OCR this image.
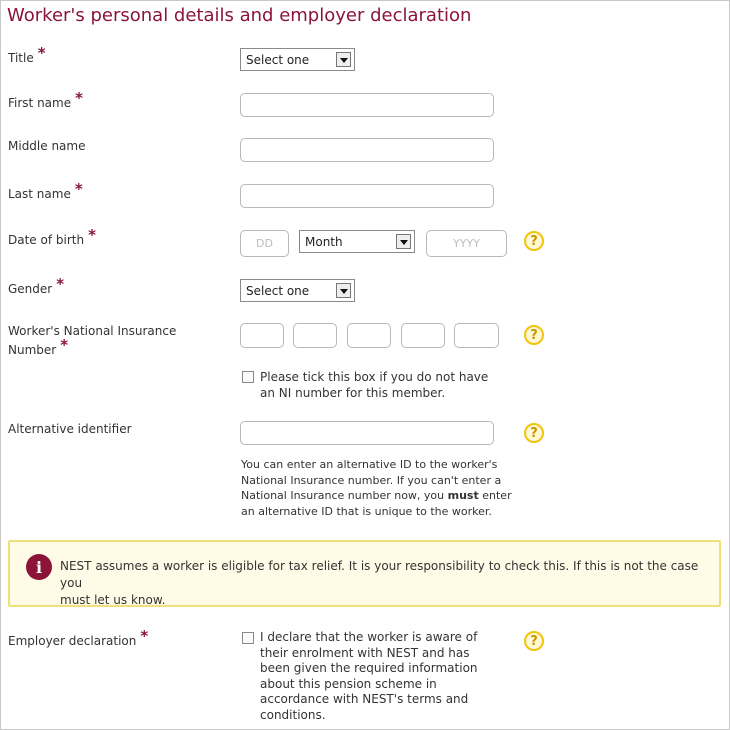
Worker's personal details and employer declaration
Title *	Select one
First name *
Middle name
Last name *
Date of birth *	DD	Month	YYYY	?
Gender *	Select one
Worker's National Insurance
Number *
?
Please tick this box if you do not have
an NI number for this member.
Alternative identifier	?
You can enter an alternative ID to the worker's
National Insurance number. If you can't enter a
National Insurance number now, you must enter
an alternative ID that is unique to the worker.
i	NEST assumes a worker is eligible for tax relief. It is your responsibility to check this. If this is not the case you
must let us know.
Employer declaration *	I declare that the worker is aware of
their enrolment with NEST and has
been given the required information
about this pension scheme in
accordance with NEST's terms and
conditions.
?
